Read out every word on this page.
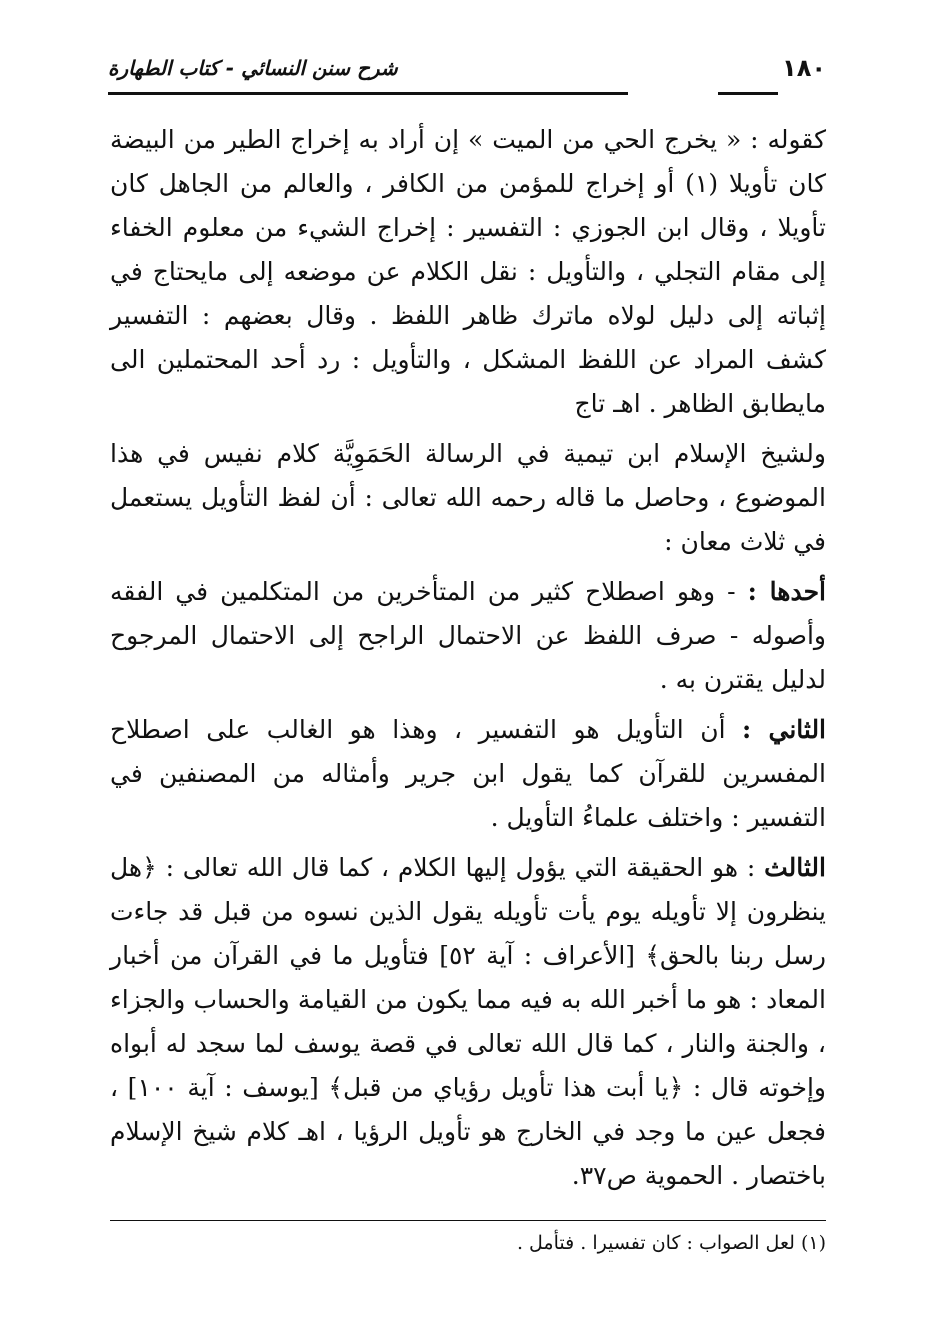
شرح سنن النسائي - كتاب الطهارة	١٨٠

كقوله : « يخرج الحي من الميت » إن أراد به إخراج الطير من البيضة كان تأويلا (١) أو إخراج للمؤمن من الكافر ، والعالم من الجاهل كان تأويلا ، وقال ابن الجوزي : التفسير : إخراج الشيء من معلوم الخفاء إلى مقام التجلي ، والتأويل : نقل الكلام عن موضعه إلى مايحتاج في إثباته إلى دليل لولاه ماترك ظاهر اللفظ . وقال بعضهم : التفسير كشف المراد عن اللفظ المشكل ، والتأويل : رد أحد المحتملين الى مايطابق الظاهر . اهـ تاج

ولشيخ الإسلام ابن تيمية في الرسالة الحَمَوِيَّة كلام نفيس في هذا الموضوع ، وحاصل ما قاله رحمه الله تعالى : أن لفظ التأويل يستعمل في ثلاث معان :

أحدها : - وهو اصطلاح كثير من المتأخرين من المتكلمين في الفقه وأصوله - صرف اللفظ عن الاحتمال الراجح إلى الاحتمال المرجوح لدليل يقترن به .

الثاني : أن التأويل هو التفسير ، وهذا هو الغالب على اصطلاح المفسرين للقرآن كما يقول ابن جرير وأمثاله من المصنفين في التفسير : واختلف علماءُ التأويل .

الثالث : هو الحقيقة التي يؤول إليها الكلام ، كما قال الله تعالى : ﴿هل ينظرون إلا تأويله يوم يأت تأويله يقول الذين نسوه من قبل قد جاءت رسل ربنا بالحق﴾ [الأعراف : آية ٥٢] فتأويل ما في القرآن من أخبار المعاد : هو ما أخبر الله به فيه مما يكون من القيامة والحساب والجزاء ، والجنة والنار ، كما قال الله تعالى في قصة يوسف لما سجد له أبواه وإخوته قال : ﴿يا أبت هذا تأويل رؤياي من قبل﴾ [يوسف : آية ١٠٠] ، فجعل عين ما وجد في الخارج هو تأويل الرؤيا ، اهـ كلام شيخ الإسلام باختصار . الحموية ص٣٧.

(١) لعل الصواب : كان تفسيرا . فتأمل .
